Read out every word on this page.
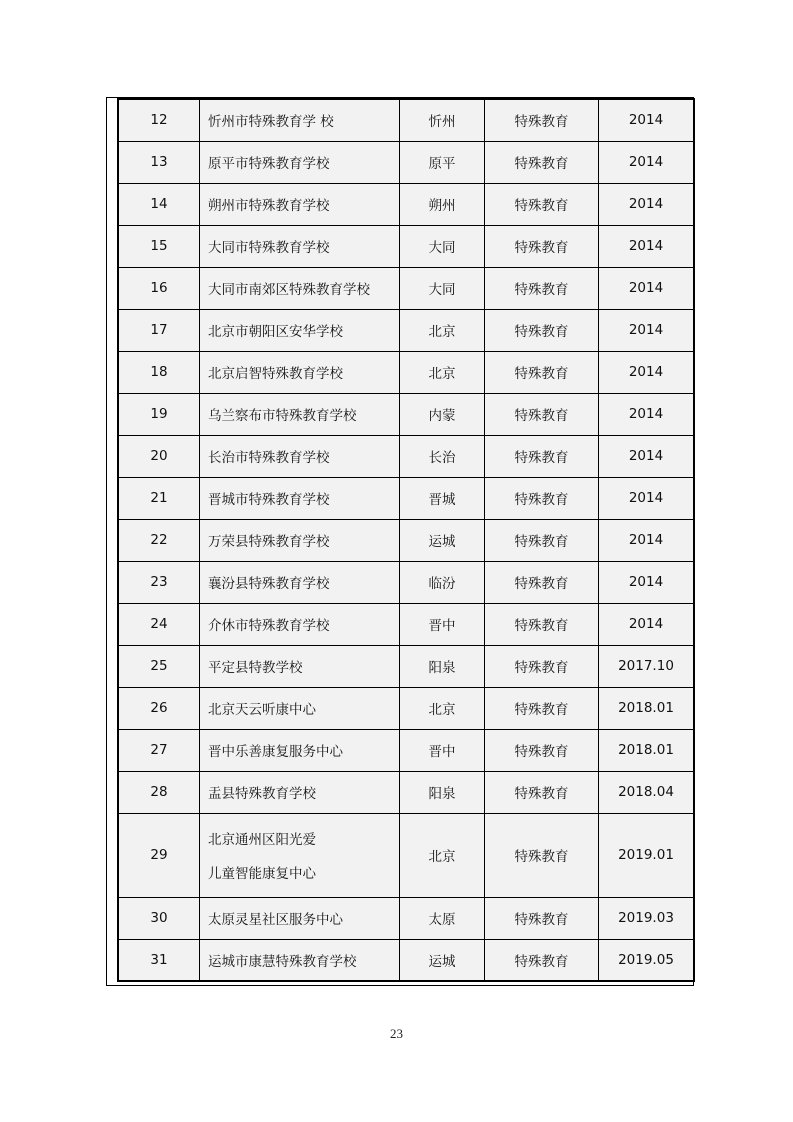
12	忻州市特殊教育学 校	忻州	特殊教育	2014
13	原平市特殊教育学校	原平	特殊教育	2014
14	朔州市特殊教育学校	朔州	特殊教育	2014
15	大同市特殊教育学校	大同	特殊教育	2014
16	大同市南郊区特殊教育学校	大同	特殊教育	2014
17	北京市朝阳区安华学校	北京	特殊教育	2014
18	北京启智特殊教育学校	北京	特殊教育	2014
19	乌兰察布市特殊教育学校	内蒙	特殊教育	2014
20	长治市特殊教育学校	长治	特殊教育	2014
21	晋城市特殊教育学校	晋城	特殊教育	2014
22	万荣县特殊教育学校	运城	特殊教育	2014
23	襄汾县特殊教育学校	临汾	特殊教育	2014
24	介休市特殊教育学校	晋中	特殊教育	2014
25	平定县特教学校	阳泉	特殊教育	2017.10
26	北京天云听康中心	北京	特殊教育	2018.01
27	晋中乐善康复服务中心	晋中	特殊教育	2018.01
28	盂县特殊教育学校	阳泉	特殊教育	2018.04
29	北京通州区阳光爱
儿童智能康复中心	北京	特殊教育	2019.01
30	太原灵星社区服务中心	太原	特殊教育	2019.03
31	运城市康慧特殊教育学校	运城	特殊教育	2019.05
23
